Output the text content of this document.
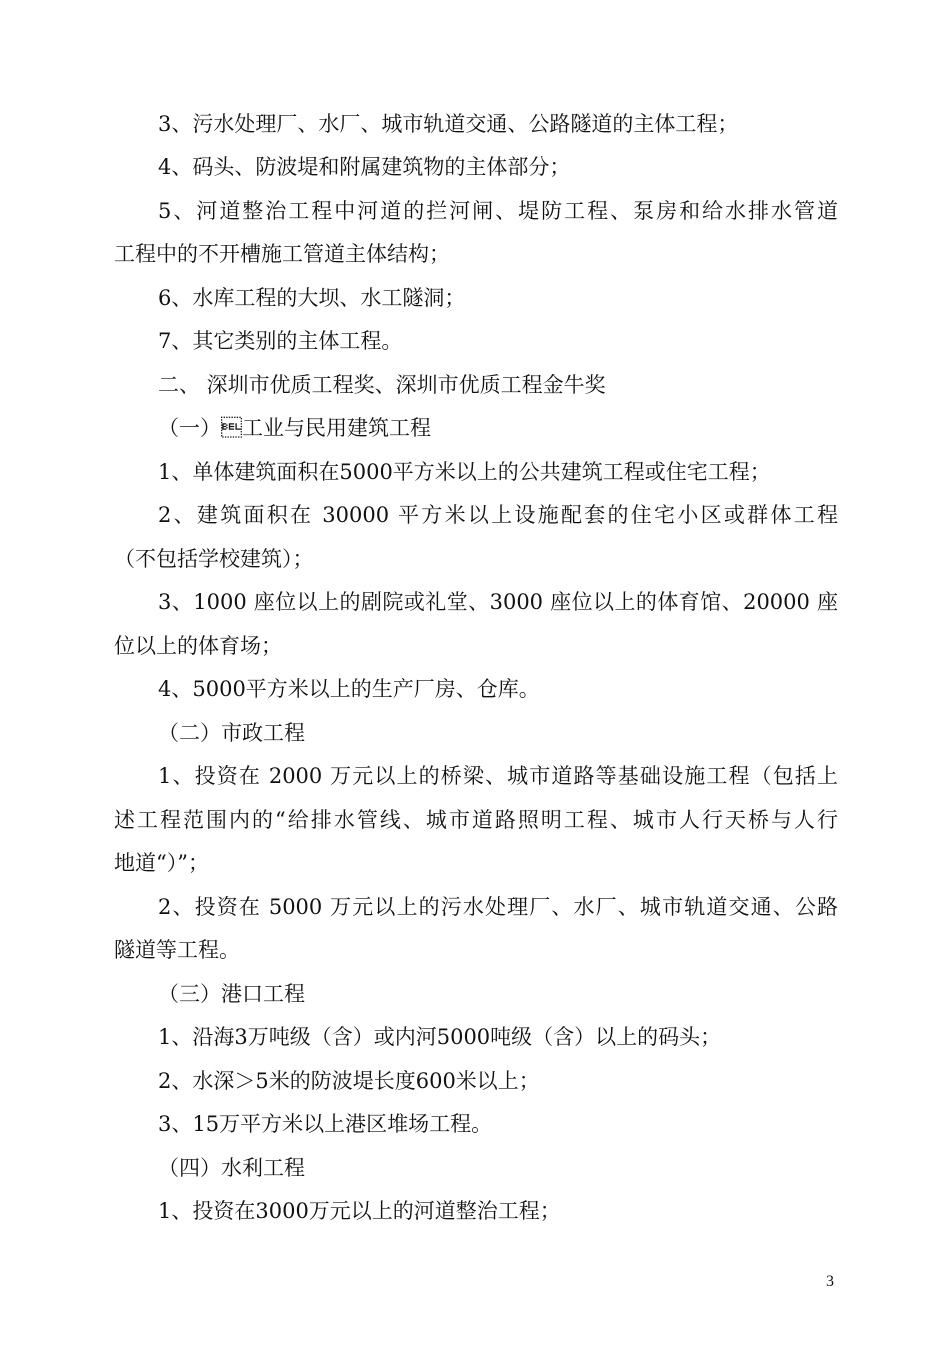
3、污水处理厂、水厂、城市轨道交通、公路隧道的主体工程；
4、码头、防波堤和附属建筑物的主体部分；
5、河道整治工程中河道的拦河闸、堤防工程、泵房和给水排水管道
工程中的不开槽施工管道主体结构；
6、水库工程的大坝、水工隧洞；
7、其它类别的主体工程。
二、 深圳市优质工程奖、深圳市优质工程金牛奖
（一）工业与民用建筑工程
1、单体建筑面积在5000平方米以上的公共建筑工程或住宅工程；
2、建筑面积在 30000 平方米以上设施配套的住宅小区或群体工程
（不包括学校建筑）；
3、1000 座位以上的剧院或礼堂、3000 座位以上的体育馆、20000 座
位以上的体育场；
4、5000平方米以上的生产厂房、仓库。
（二）市政工程
1、投资在 2000 万元以上的桥梁、城市道路等基础设施工程（包括上
述工程范围内的“给排水管线、城市道路照明工程、城市人行天桥与人行
地道“）”；
2、投资在 5000 万元以上的污水处理厂、水厂、城市轨道交通、公路
隧道等工程。
（三）港口工程
1、沿海3万吨级（含）或内河5000吨级（含）以上的码头；
2、水深＞5米的防波堤长度600米以上；
3、15万平方米以上港区堆场工程。
（四）水利工程
1、投资在3000万元以上的河道整治工程；
3
